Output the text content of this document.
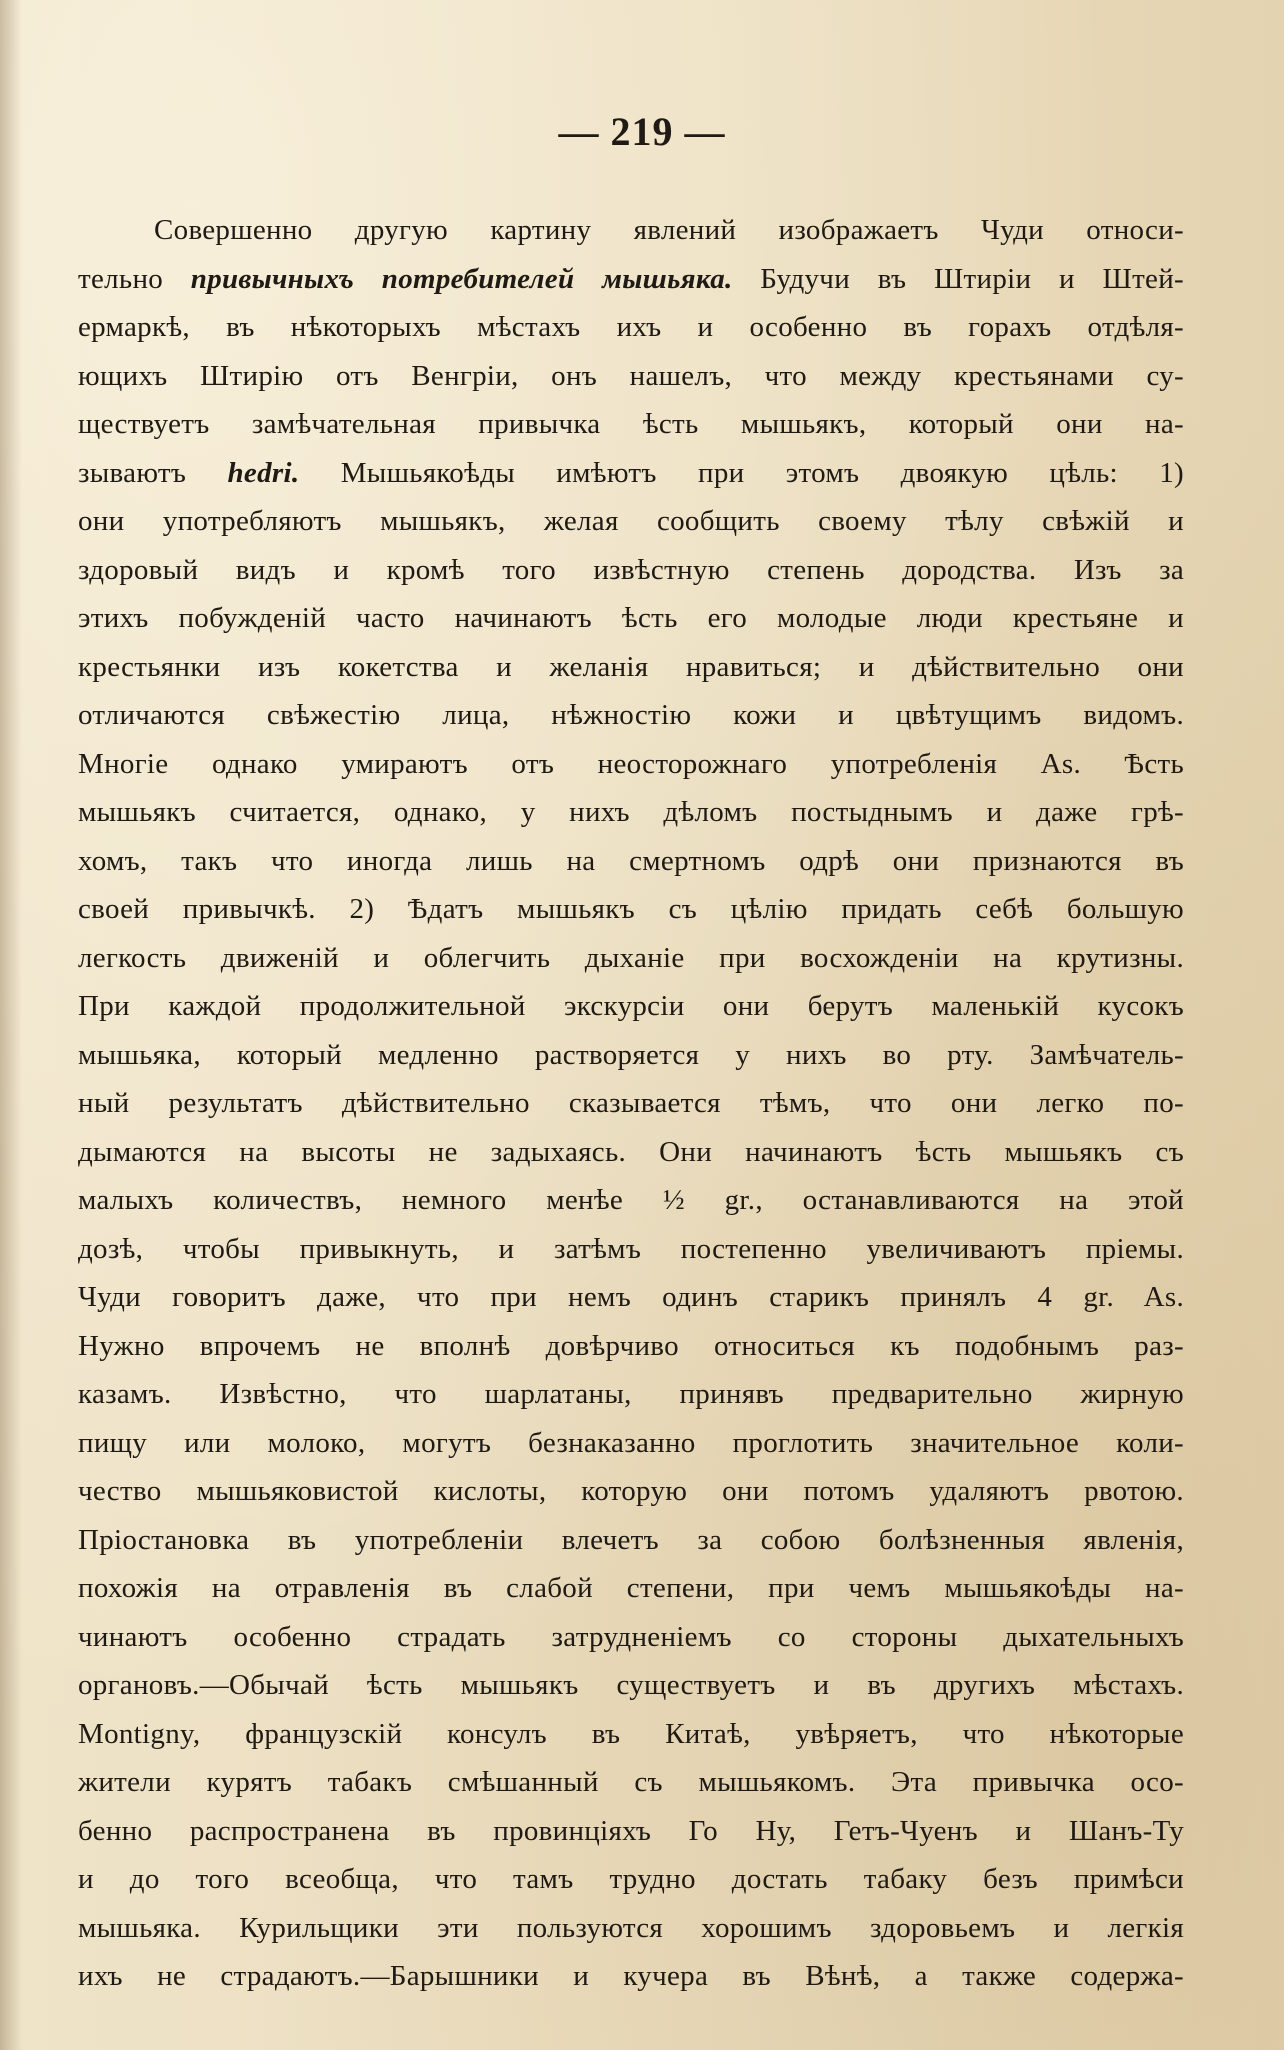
— 219 —
Совершенно другую картину явлений изображаетъ Чуди относи-
тельно привычныхъ потребителей мышьяка. Будучи въ Штиріи и Штей-
ермаркѣ, въ нѣкоторыхъ мѣстахъ ихъ и особенно въ горахъ отдѣля-
ющихъ Штирію отъ Венгріи, онъ нашелъ, что между крестьянами су-
ществуетъ замѣчательная привычка ѣсть мышьякъ, который они на-
зываютъ hedri. Мышьякоѣды имѣютъ при этомъ двоякую цѣль: 1)
они употребляютъ мышьякъ, желая сообщить своему тѣлу свѣжій и
здоровый видъ и кромѣ того извѣстную степень дородства. Изъ за
этихъ побужденій часто начинаютъ ѣсть его молодые люди крестьяне и
крестьянки изъ кокетства и желанія нравиться; и дѣйствительно они
отличаются свѣжестію лица, нѣжностію кожи и цвѣтущимъ видомъ.
Многіе однако умираютъ отъ неосторожнаго употребленія As. Ѣсть
мышьякъ считается, однако, у нихъ дѣломъ постыднымъ и даже грѣ-
хомъ, такъ что иногда лишь на смертномъ одрѣ они признаются въ
своей привычкѣ. 2) Ѣдатъ мышьякъ съ цѣлію придать себѣ большую
легкость движеній и облегчить дыханіе при восхожденіи на крутизны.
При каждой продолжительной экскурсіи они берутъ маленькій кусокъ
мышьяка, который медленно растворяется у нихъ во рту. Замѣчатель-
ный результатъ дѣйствительно сказывается тѣмъ, что они легко по-
дымаются на высоты не задыхаясь. Они начинаютъ ѣсть мышьякъ съ
малыхъ количествъ, немного менѣе ½ gr., останавливаются на этой
дозѣ, чтобы привыкнуть, и затѣмъ постепенно увеличиваютъ пріемы.
Чуди говоритъ даже, что при немъ одинъ старикъ принялъ 4 gr. As.
Нужно впрочемъ не вполнѣ довѣрчиво относиться къ подобнымъ раз-
казамъ. Извѣстно, что шарлатаны, принявъ предварительно жирную
пищу или молоко, могутъ безнаказанно проглотить значительное коли-
чество мышьяковистой кислоты, которую они потомъ удаляютъ рвотою.
Пріостановка въ употребленіи влечетъ за собою болѣзненныя явленія,
похожія на отравленія въ слабой степени, при чемъ мышьякоѣды на-
чинаютъ особенно страдать затрудненіемъ со стороны дыхательныхъ
органовъ.—Обычай ѣсть мышьякъ существуетъ и въ другихъ мѣстахъ.
Montigny, французскій консулъ въ Китаѣ, увѣряетъ, что нѣкоторые
жители курятъ табакъ смѣшанный съ мышьякомъ. Эта привычка осо-
бенно распространена въ провинціяхъ Го Ну, Гетъ-Чуенъ и Шанъ-Ту
и до того всеобща, что тамъ трудно достать табаку безъ примѣси
мышьяка. Курильщики эти пользуются хорошимъ здоровьемъ и легкія
ихъ не страдаютъ.—Барышники и кучера въ Вѣнѣ, а также содержа-
